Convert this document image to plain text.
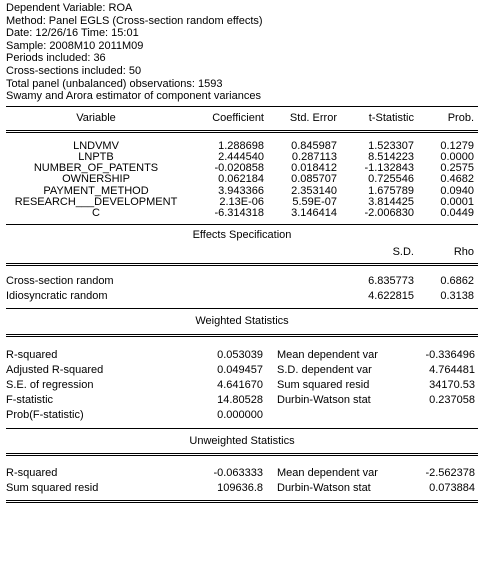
Dependent Variable: ROA
Method: Panel EGLS (Cross-section random effects)
Date: 12/26/16 Time: 15:01
Sample: 2008M10 2011M09
Periods included: 36
Cross-sections included: 50
Total panel (unbalanced) observations: 1593
Swamy and Arora estimator of component variances
Variable	Coefficient Std. Error	t-Statistic	Prob.
LNDVMV	1.288698 0.845987	1.523307 0.1279
LNPTB	2.444540	0.287113	8.514223 0.0000
NUMBER_OF_PATENTS	-0.020858 0.018412 -1.132843 0.2575
OWNERSHIP	0.062184 0.085707	0.725546 0.4682
PAYMENT_METHOD	3.943366 2.353140	1.675789 0.0940
RESEARCH___DEVELOPMENT	2.13E-06	5.59E-07	3.814425 0.0001
C	-6.314318 3.146414 -2.006830 0.0449
Effects Specification
S.D.	Rho
Cross-section random	6.835773 0.6862
Idiosyncratic random	4.622815 0.3138
Weighted Statistics
R-squared	0.053039 Mean dependent var	-0.336496
Adjusted R-squared	0.049457 S.D. dependent var	4.764481
S.E. of regression	4.641670 Sum squared resid	34170.53
F-statistic	14.80528 Durbin-Watson stat	0.237058
Prob(F-statistic)	0.000000
Unweighted Statistics
R-squared	-0.063333 Mean dependent var	-2.562378
Sum squared resid	109636.8 Durbin-Watson stat	0.073884
